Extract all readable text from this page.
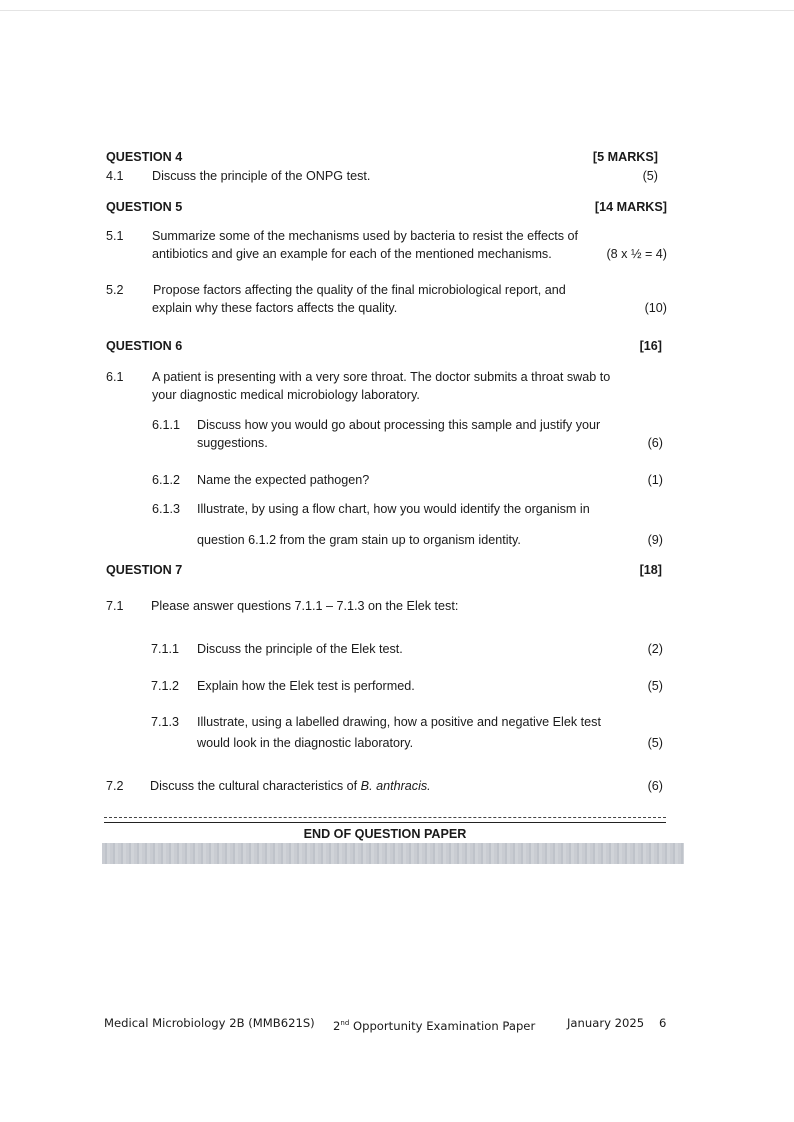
QUESTION 4	[5 MARKS]
4.1 Discuss the principle of the ONPG test.	(5)
QUESTION 5	[14 MARKS]
5.1 Summarize some of the mechanisms used by bacteria to resist the effects of
antibiotics and give an example for each of the mentioned mechanisms.	(8 x ½ = 4)
5.2 Propose factors affecting the quality of the final microbiological report, and
explain why these factors affects the quality.	(10)
QUESTION 6	[16]
6.1 A patient is presenting with a very sore throat. The doctor submits a throat swab to
your diagnostic medical microbiology laboratory.
6.1.1 Discuss how you would go about processing this sample and justify your
suggestions.	(6)
6.1.2 Name the expected pathogen?	(1)
6.1.3 Illustrate, by using a flow chart, how you would identify the organism in
question 6.1.2 from the gram stain up to organism identity.	(9)
QUESTION 7	[18]
7.1 Please answer questions 7.1.1 – 7.1.3 on the Elek test:
7.1.1 Discuss the principle of the Elek test.	(2)
7.1.2 Explain how the Elek test is performed.	(5)
7.1.3 Illustrate, using a labelled drawing, how a positive and negative Elek test
would look in the diagnostic laboratory.	(5)
7.2 Discuss the cultural characteristics of B. anthracis.	(6)
END OF QUESTION PAPER
Medical Microbiology 2B (MMB621S) 2nd Opportunity Examination Paper	January 2025 6
